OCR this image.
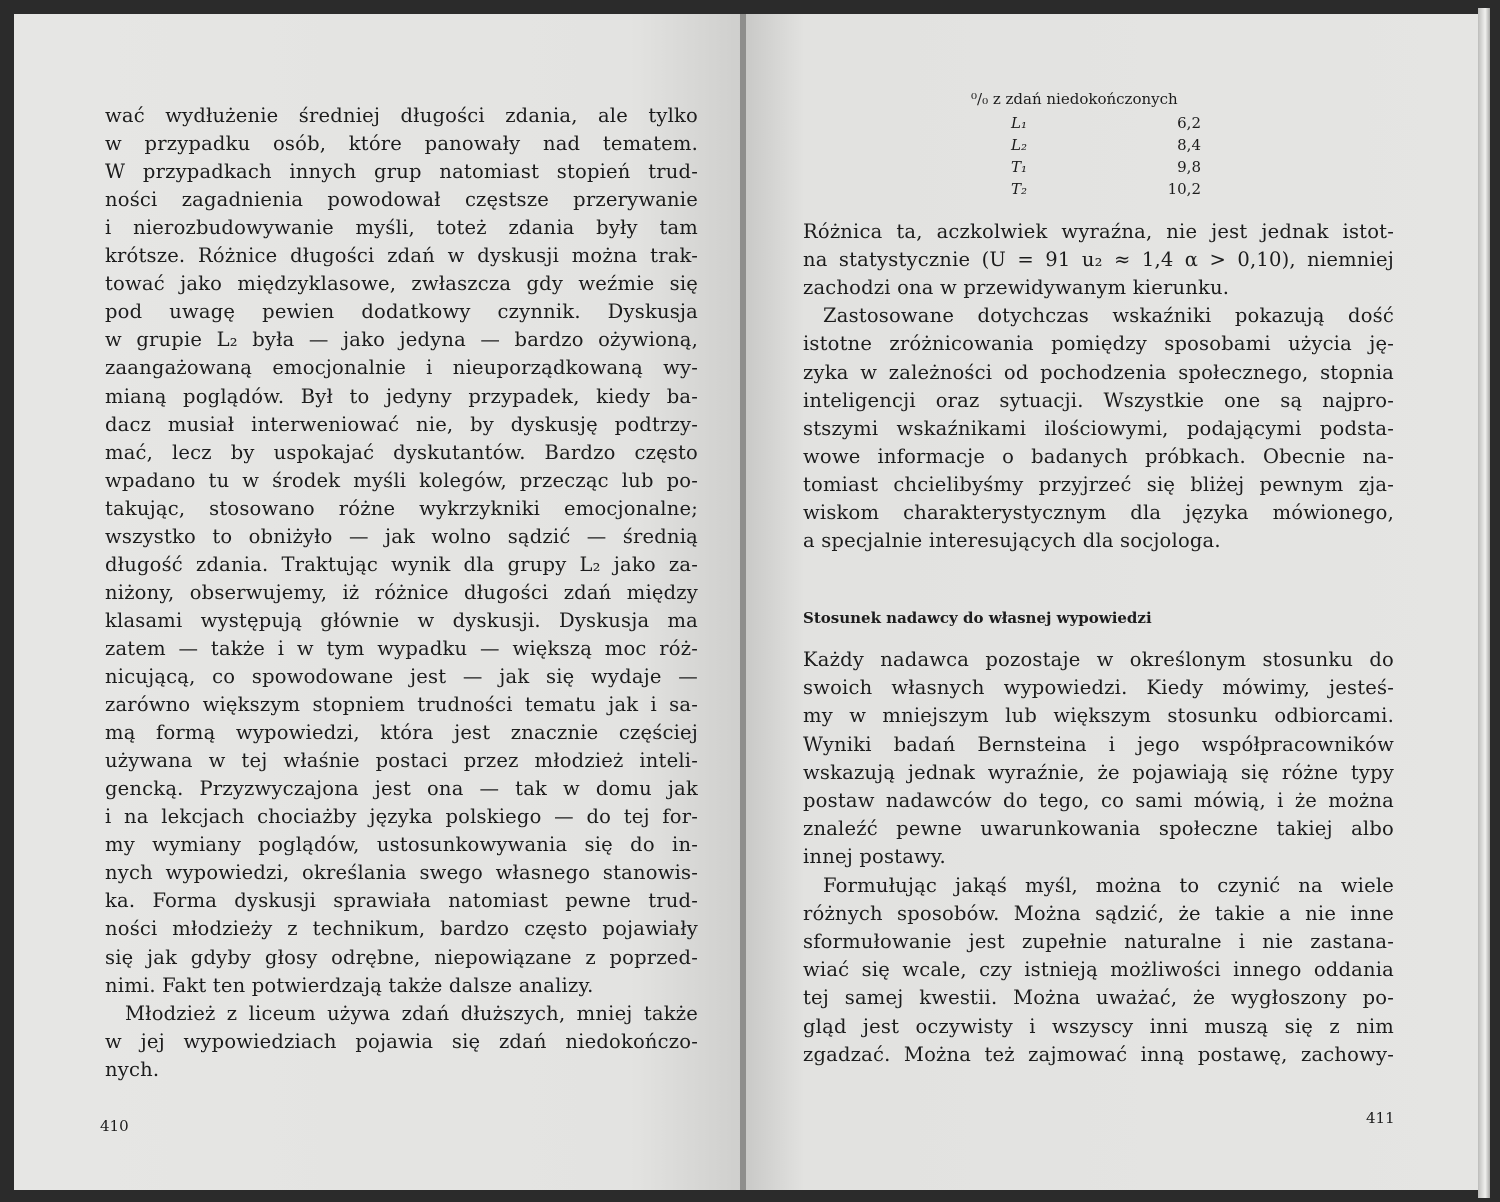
wać wydłużenie średniej długości zdania, ale tylko
w przypadku osób, które panowały nad tematem.
W przypadkach innych grup natomiast stopień trud-
ności zagadnienia powodował częstsze przerywanie
i nierozbudowywanie myśli, toteż zdania były tam
krótsze. Różnice długości zdań w dyskusji można trak-
tować jako międzyklasowe, zwłaszcza gdy weźmie się
pod uwagę pewien dodatkowy czynnik. Dyskusja
w grupie L₂ była — jako jedyna — bardzo ożywioną,
zaangażowaną emocjonalnie i nieuporządkowaną wy-
mianą poglądów. Był to jedyny przypadek, kiedy ba-
dacz musiał interweniować nie, by dyskusję podtrzy-
mać, lecz by uspokajać dyskutantów. Bardzo często
wpadano tu w środek myśli kolegów, przecząc lub po-
takując, stosowano różne wykrzykniki emocjonalne;
wszystko to obniżyło — jak wolno sądzić — średnią
długość zdania. Traktując wynik dla grupy L₂ jako za-
niżony, obserwujemy, iż różnice długości zdań między
klasami występują głównie w dyskusji. Dyskusja ma
zatem — także i w tym wypadku — większą moc róż-
nicującą, co spowodowane jest — jak się wydaje —
zarówno większym stopniem trudności tematu jak i sa-
mą formą wypowiedzi, która jest znacznie częściej
używana w tej właśnie postaci przez młodzież inteli-
gencką. Przyzwyczajona jest ona — tak w domu jak
i na lekcjach chociażby języka polskiego — do tej for-
my wymiany poglądów, ustosunkowywania się do in-
nych wypowiedzi, określania swego własnego stanowis-
ka. Forma dyskusji sprawiała natomiast pewne trud-
ności młodzieży z technikum, bardzo często pojawiały
się jak gdyby głosy odrębne, niepowiązane z poprzed-
nimi. Fakt ten potwierdzają także dalsze analizy.
Młodzież z liceum używa zdań dłuższych, mniej także
w jej wypowiedziach pojawia się zdań niedokończo-
nych.
410
⁰/₀ z zdań niedokończonych
L₁	6,2
L₂	8,4
T₁	9,8
T₂	10,2
Różnica ta, aczkolwiek wyraźna, nie jest jednak istot-
na statystycznie (U = 91 u₂ ≈ 1,4 α > 0,10), niemniej
zachodzi ona w przewidywanym kierunku.
Zastosowane dotychczas wskaźniki pokazują dość
istotne zróżnicowania pomiędzy sposobami użycia ję-
zyka w zależności od pochodzenia społecznego, stopnia
inteligencji oraz sytuacji. Wszystkie one są najpro-
stszymi wskaźnikami ilościowymi, podającymi podsta-
wowe informacje o badanych próbkach. Obecnie na-
tomiast chcielibyśmy przyjrzeć się bliżej pewnym zja-
wiskom charakterystycznym dla języka mówionego,
a specjalnie interesujących dla socjologa.
Stosunek nadawcy do własnej wypowiedzi
Każdy nadawca pozostaje w określonym stosunku do
swoich własnych wypowiedzi. Kiedy mówimy, jesteś-
my w mniejszym lub większym stosunku odbiorcami.
Wyniki badań Bernsteina i jego współpracowników
wskazują jednak wyraźnie, że pojawiają się różne typy
postaw nadawców do tego, co sami mówią, i że można
znaleźć pewne uwarunkowania społeczne takiej albo
innej postawy.
Formułując jakąś myśl, można to czynić na wiele
różnych sposobów. Można sądzić, że takie a nie inne
sformułowanie jest zupełnie naturalne i nie zastana-
wiać się wcale, czy istnieją możliwości innego oddania
tej samej kwestii. Można uważać, że wygłoszony po-
gląd jest oczywisty i wszyscy inni muszą się z nim
zgadzać. Można też zajmować inną postawę, zachowy-
411
